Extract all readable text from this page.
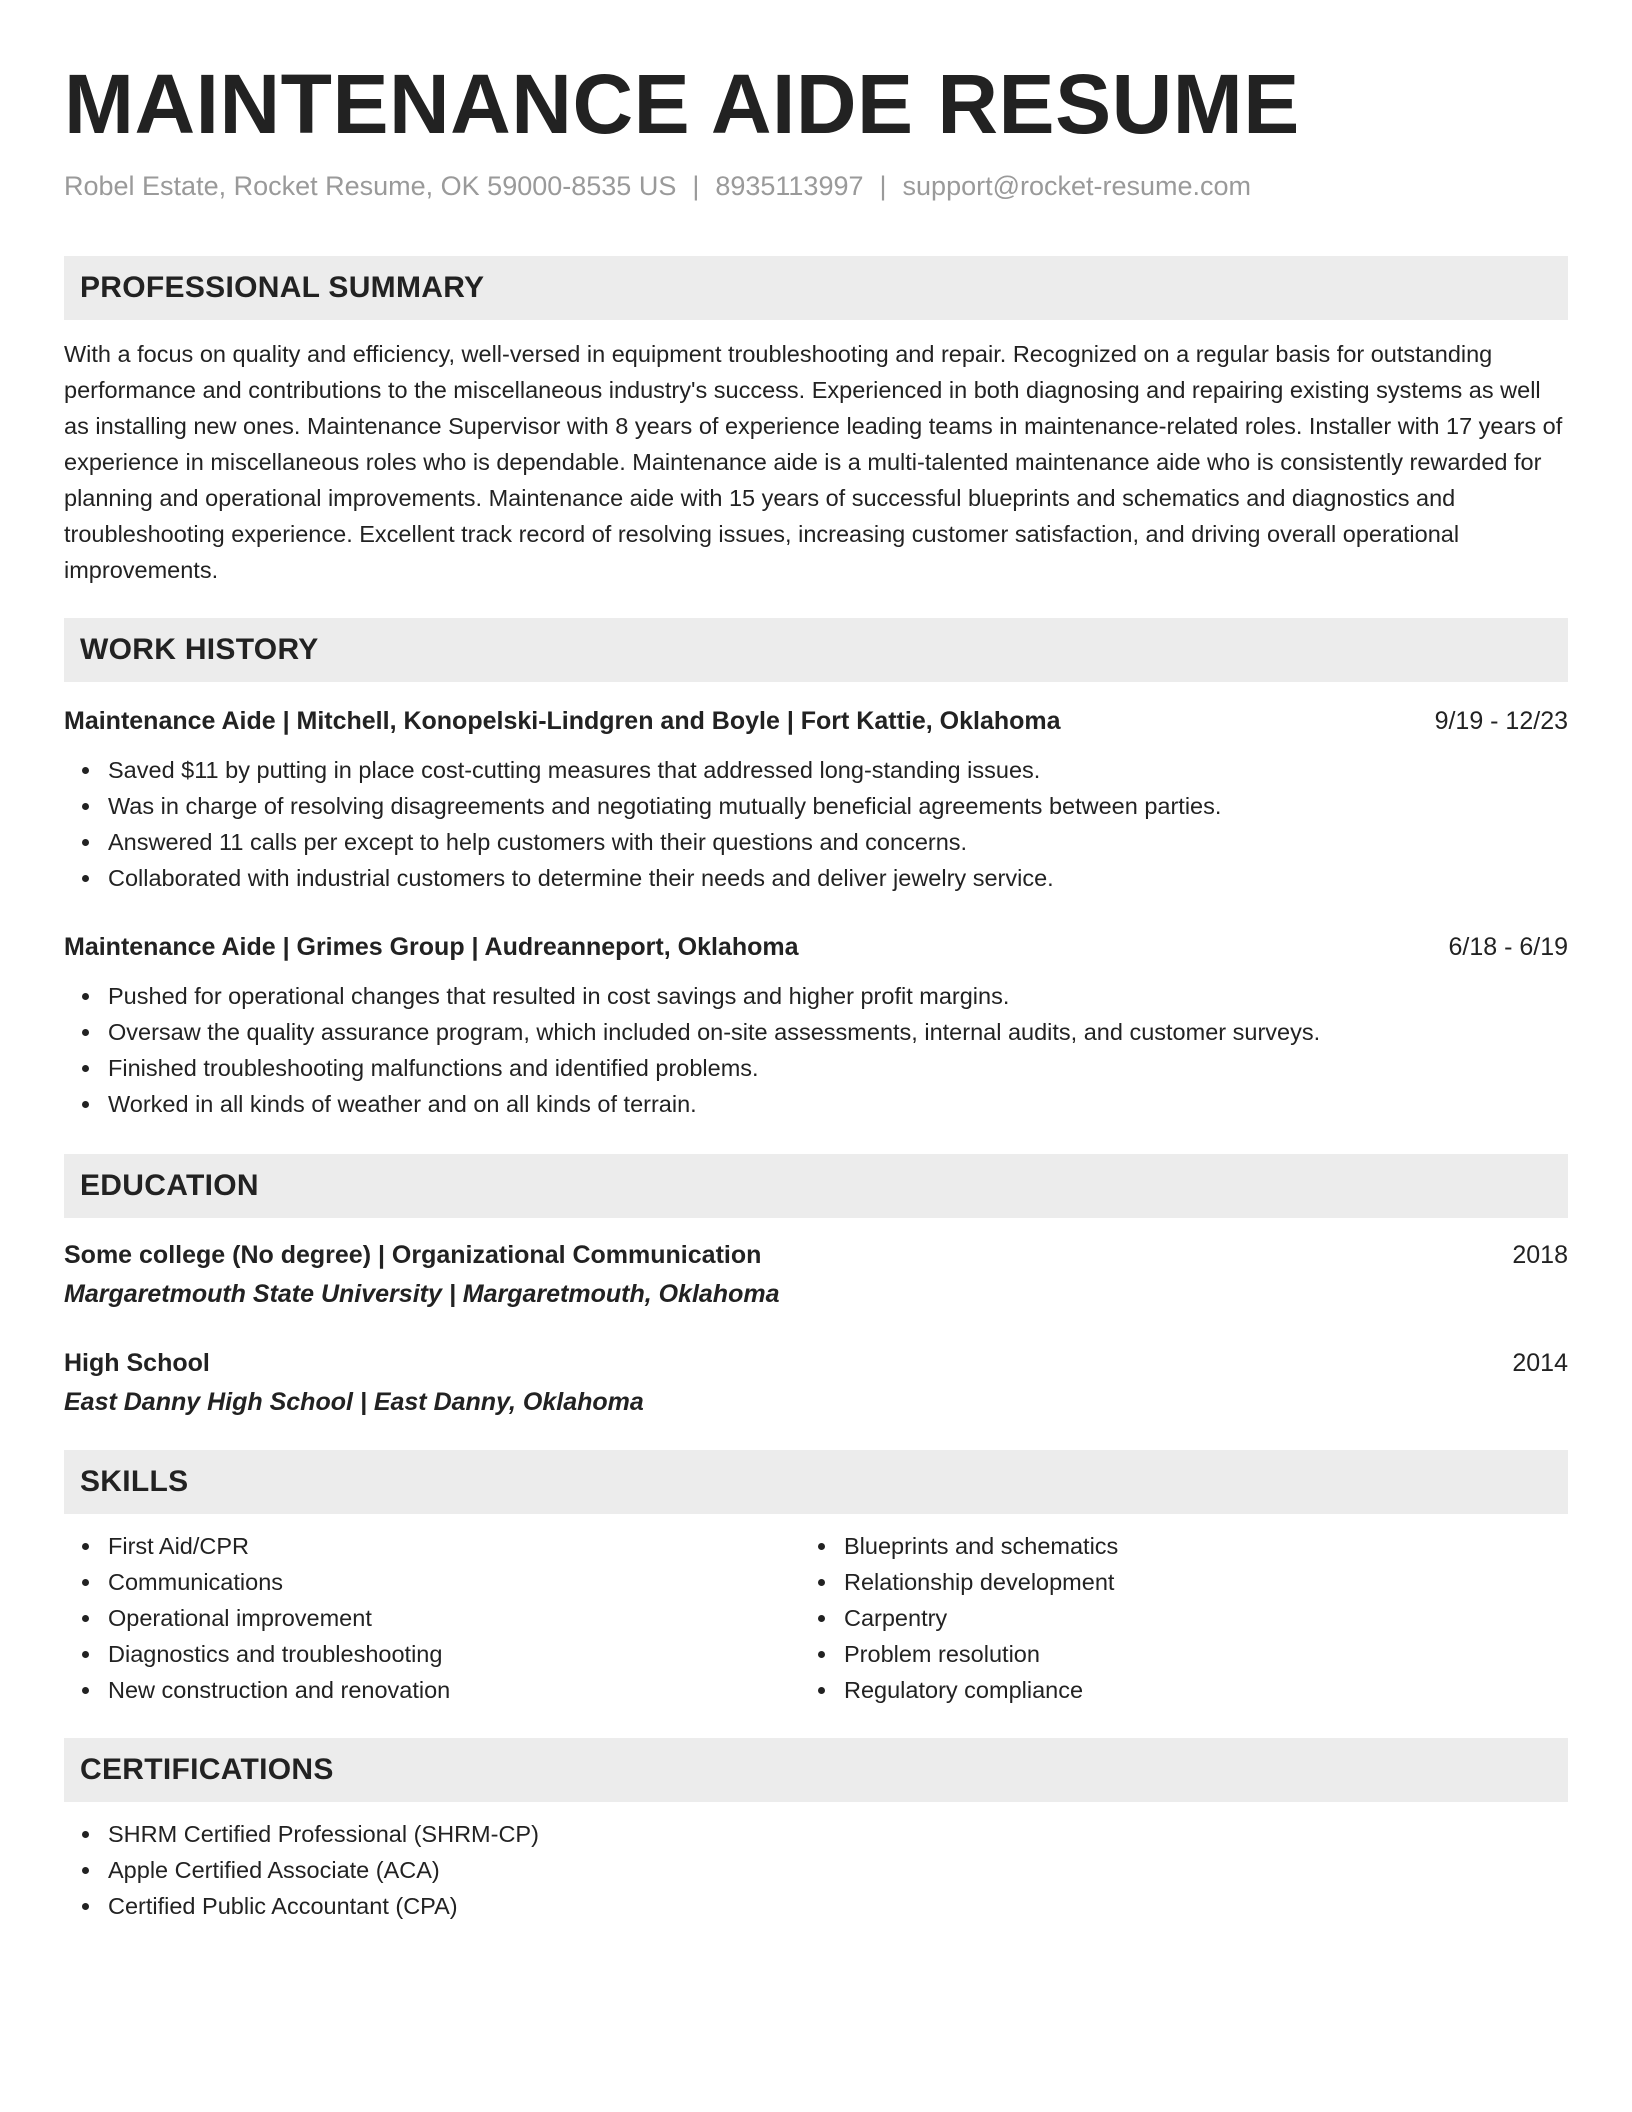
MAINTENANCE AIDE RESUME
Robel Estate, Rocket Resume, OK 59000-8535 US | 8935113997 | support@rocket-resume.com
PROFESSIONAL SUMMARY
With a focus on quality and efficiency, well-versed in equipment troubleshooting and repair. Recognized on a regular basis for outstanding performance and contributions to the miscellaneous industry's success. Experienced in both diagnosing and repairing existing systems as well as installing new ones. Maintenance Supervisor with 8 years of experience leading teams in maintenance-related roles. Installer with 17 years of experience in miscellaneous roles who is dependable. Maintenance aide is a multi-talented maintenance aide who is consistently rewarded for planning and operational improvements. Maintenance aide with 15 years of successful blueprints and schematics and diagnostics and troubleshooting experience. Excellent track record of resolving issues, increasing customer satisfaction, and driving overall operational improvements.
WORK HISTORY
Maintenance Aide | Mitchell, Konopelski-Lindgren and Boyle | Fort Kattie, Oklahoma	9/19 - 12/23
Saved $11 by putting in place cost-cutting measures that addressed long-standing issues.
Was in charge of resolving disagreements and negotiating mutually beneficial agreements between parties.
Answered 11 calls per except to help customers with their questions and concerns.
Collaborated with industrial customers to determine their needs and deliver jewelry service.
Maintenance Aide | Grimes Group | Audreanneport, Oklahoma	6/18 - 6/19
Pushed for operational changes that resulted in cost savings and higher profit margins.
Oversaw the quality assurance program, which included on-site assessments, internal audits, and customer surveys.
Finished troubleshooting malfunctions and identified problems.
Worked in all kinds of weather and on all kinds of terrain.
EDUCATION
Some college (No degree) | Organizational Communication	2018
Margaretmouth State University | Margaretmouth, Oklahoma
High School	2014
East Danny High School | East Danny, Oklahoma
SKILLS
First Aid/CPR
Communications
Operational improvement
Diagnostics and troubleshooting
New construction and renovation
Blueprints and schematics
Relationship development
Carpentry
Problem resolution
Regulatory compliance
CERTIFICATIONS
SHRM Certified Professional (SHRM-CP)
Apple Certified Associate (ACA)
Certified Public Accountant (CPA)
